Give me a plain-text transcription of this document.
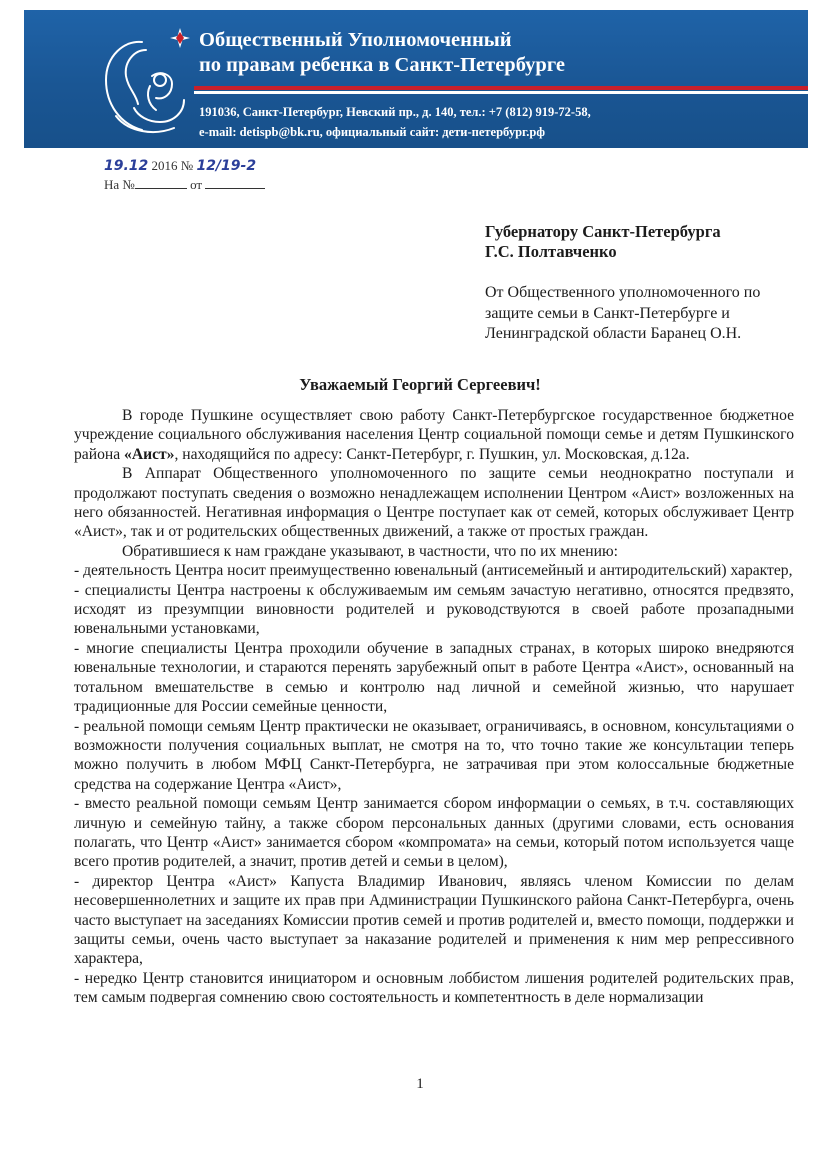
Общественный Уполномоченный
по правам ребенка в Санкт-Петербурге
191036, Санкт-Петербург, Невский пр., д. 140, тел.: +7 (812) 919-72-58,
e-mail: detispb@bk.ru, официальный сайт: дети-петербург.рф
19.12 2016 № 12/19-2
На №	от
Губернатору Санкт-Петербурга
Г.С. Полтавченко
От Общественного уполномоченного по
защите семьи в Санкт-Петербурге и
Ленинградской области Баранец О.Н.
Уважаемый Георгий Сергеевич!

В городе Пушкине осуществляет свою работу Санкт-Петербургское государственное бюджетное учреждение социального обслуживания населения Центр социальной помощи семье и детям Пушкинского района «Аист», находящийся по адресу: Санкт-Петербург, г. Пушкин, ул. Московская, д.12а.

В Аппарат Общественного уполномоченного по защите семьи неоднократно поступали и продолжают поступать сведения о возможно ненадлежащем исполнении Центром «Аист» возложенных на него обязанностей. Негативная информация о Центре поступает как от семей, которых обслуживает Центр «Аист», так и от родительских общественных движений, а также от простых граждан.

Обратившиеся к нам граждане указывают, в частности, что по их мнению:

- деятельность Центра носит преимущественно ювенальный (антисемейный и антиродительский) характер,

- специалисты Центра настроены к обслуживаемым им семьям зачастую негативно, относятся предвзято, исходят из презумпции виновности родителей и руководствуются в своей работе прозападными ювенальными установками,

- многие специалисты Центра проходили обучение в западных странах, в которых широко внедряются ювенальные технологии, и стараются перенять зарубежный опыт в работе Центра «Аист», основанный на тотальном вмешательстве в семью и контролю над личной и семейной жизнью, что нарушает традиционные для России семейные ценности,

- реальной помощи семьям Центр практически не оказывает, ограничиваясь, в основном, консультациями о возможности получения социальных выплат, не смотря на то, что точно такие же консультации теперь можно получить в любом МФЦ Санкт-Петербурга, не затрачивая при этом колоссальные бюджетные средства на содержание Центра «Аист»,

- вместо реальной помощи семьям Центр занимается сбором информации о семьях, в т.ч. составляющих личную и семейную тайну, а также сбором персональных данных (другими словами, есть основания полагать, что Центр «Аист» занимается сбором «компромата» на семьи, который потом используется чаще всего против родителей, а значит, против детей и семьи в целом),

- директор Центра «Аист» Капуста Владимир Иванович, являясь членом Комиссии по делам несовершеннолетних и защите их прав при Администрации Пушкинского района Санкт-Петербурга, очень часто выступает на заседаниях Комиссии против семей и против родителей и, вместо помощи, поддержки и защиты семьи, очень часто выступает за наказание родителей и применения к ним мер репрессивного характера,

- нередко Центр становится инициатором и основным лоббистом лишения родителей родительских прав, тем самым подвергая сомнению свою состоятельность и компетентность в деле нормализации

1
